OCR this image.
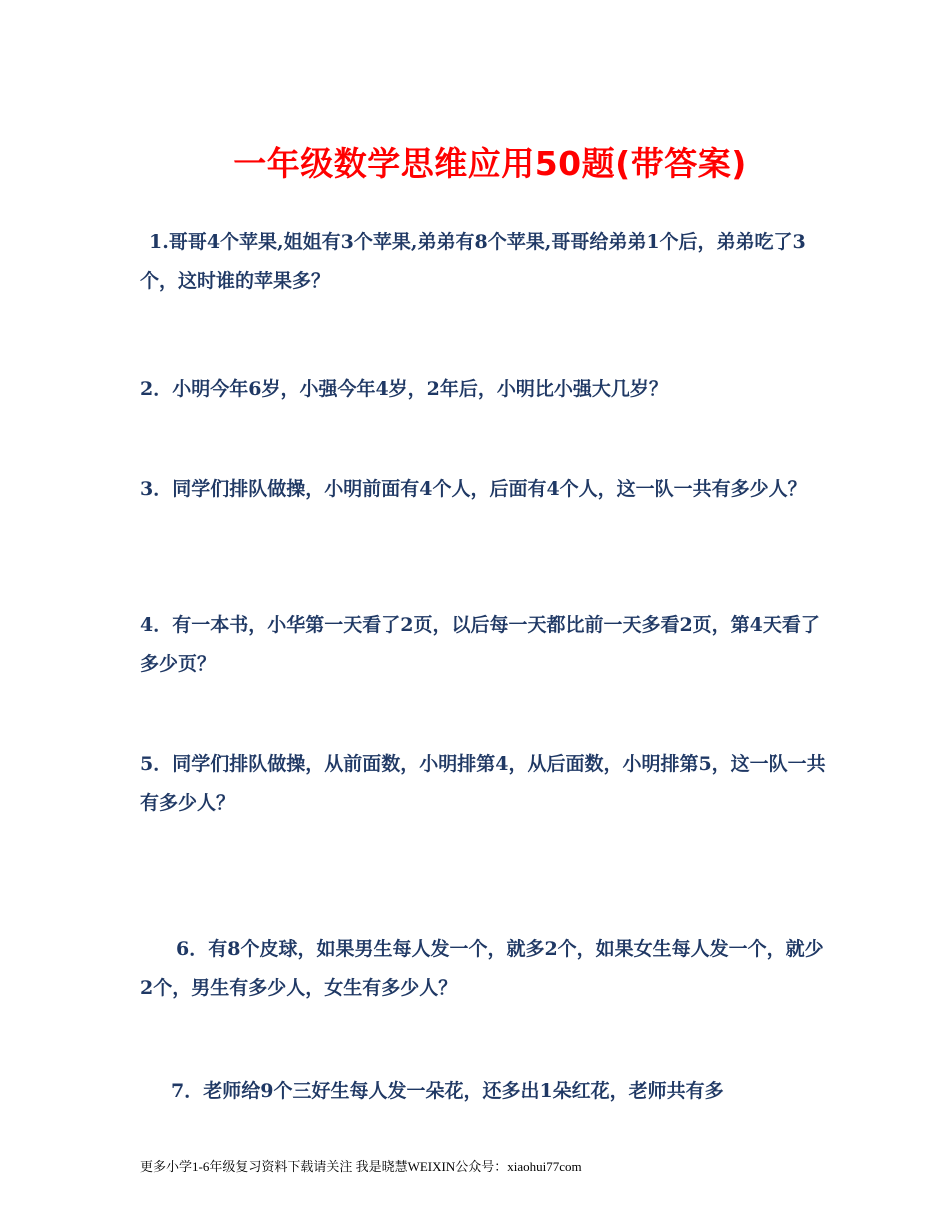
一年级数学思维应用50题(带答案)
1.哥哥4个苹果,姐姐有3个苹果,弟弟有8个苹果,哥哥给弟弟1个后，弟弟吃了3个，这时谁的苹果多？
2．小明今年6岁，小强今年4岁，2年后，小明比小强大几岁？
3．同学们排队做操，小明前面有4个人，后面有4个人，这一队一共有多少人？
4．有一本书，小华第一天看了2页，以后每一天都比前一天多看2页，第4天看了多少页？
5．同学们排队做操，从前面数，小明排第4，从后面数，小明排第5，这一队一共有多少人？
6．有8个皮球，如果男生每人发一个，就多2个，如果女生每人发一个，就少2个，男生有多少人，女生有多少人？
7．老师给9个三好生每人发一朵花，还多出1朵红花，老师共有多
更多小学1-6年级复习资料下载请关注 我是晓慧WEIXIN公众号：xiaohui77com
